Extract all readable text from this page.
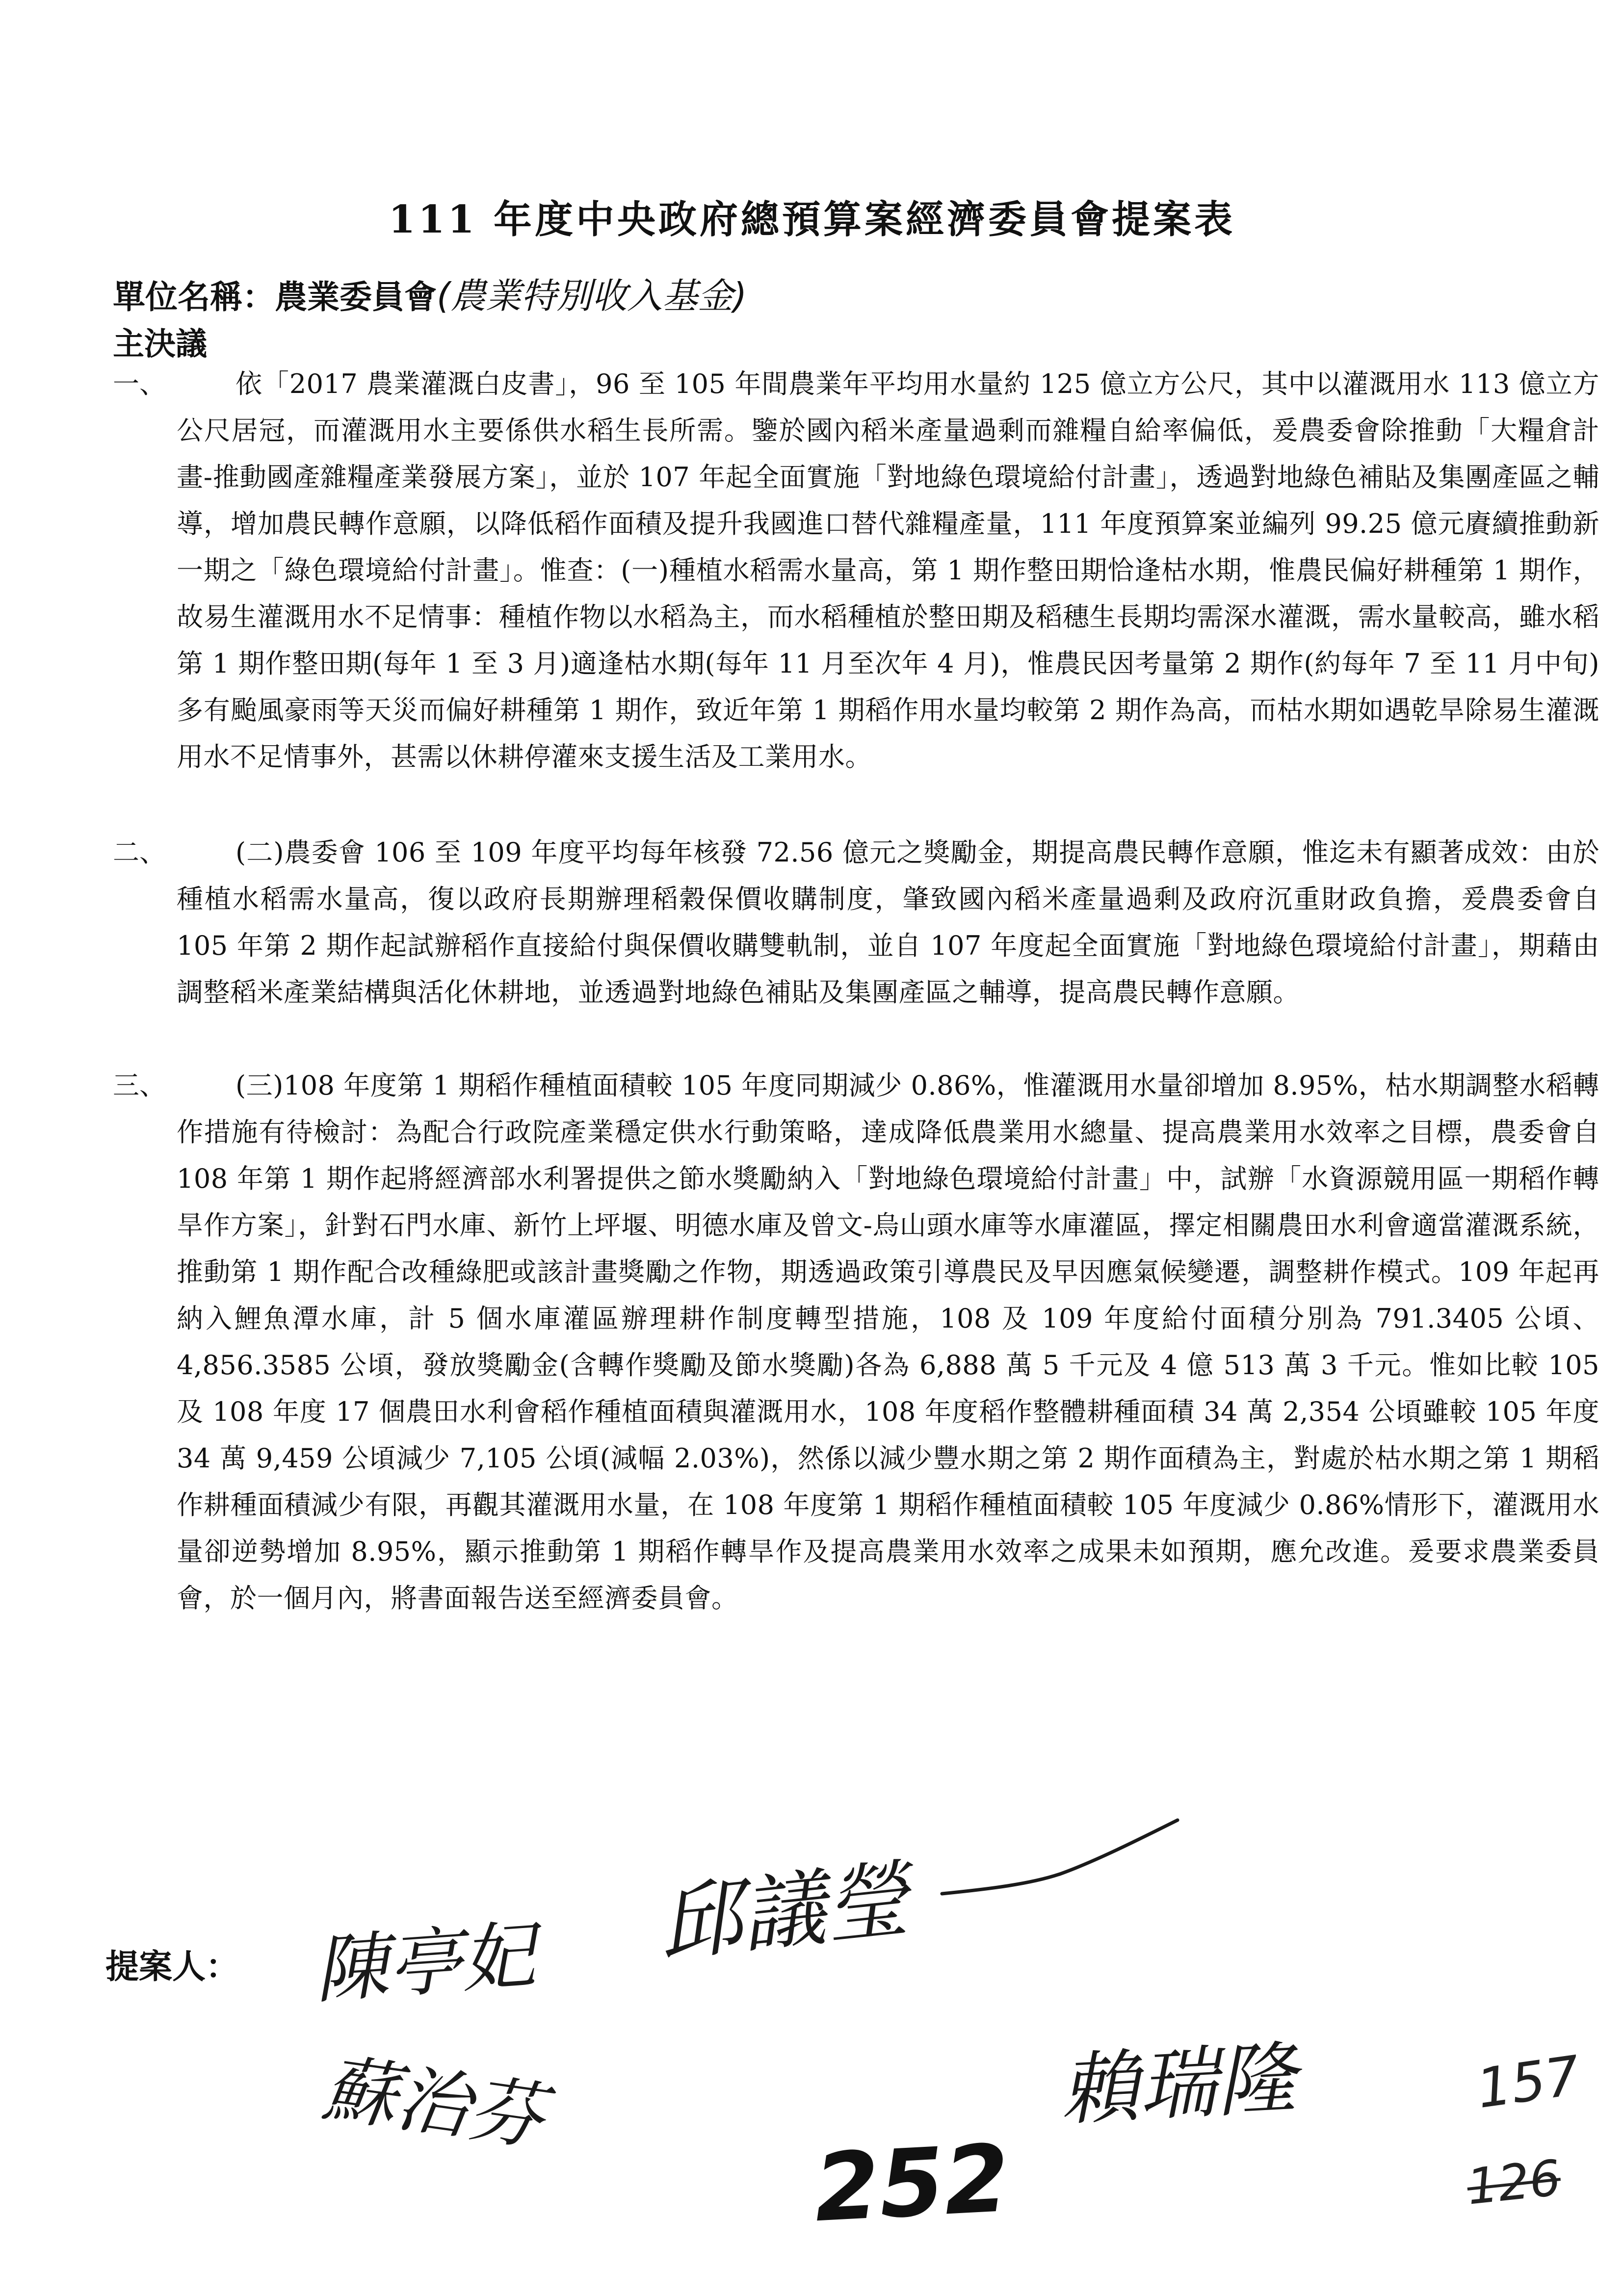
111 年度中央政府總預算案經濟委員會提案表
單位名稱：農業委員會(農業特別收入基金)
主決議
一、	依「2017 農業灌溉白皮書」，96 至 105 年間農業年平均用水量約 125 億立方公尺，其中以灌溉用水 113 億立方公尺居冠，而灌溉用水主要係供水稻生長所需。鑒於國內稻米產量過剩而雜糧自給率偏低，爰農委會除推動「大糧倉計畫-推動國產雜糧產業發展方案」，並於 107 年起全面實施「對地綠色環境給付計畫」，透過對地綠色補貼及集團產區之輔導，增加農民轉作意願，以降低稻作面積及提升我國進口替代雜糧產量，111 年度預算案並編列 99.25 億元賡續推動新一期之「綠色環境給付計畫」。惟查：(一)種植水稻需水量高，第 1 期作整田期恰逢枯水期，惟農民偏好耕種第 1 期作，故易生灌溉用水不足情事：種植作物以水稻為主，而水稻種植於整田期及稻穗生長期均需深水灌溉，需水量較高，雖水稻第 1 期作整田期(每年 1 至 3 月)適逢枯水期(每年 11 月至次年 4 月)，惟農民因考量第 2 期作(約每年 7 至 11 月中旬)多有颱風豪雨等天災而偏好耕種第 1 期作，致近年第 1 期稻作用水量均較第 2 期作為高，而枯水期如遇乾旱除易生灌溉用水不足情事外，甚需以休耕停灌來支援生活及工業用水。
二、	(二)農委會 106 至 109 年度平均每年核發 72.56 億元之獎勵金，期提高農民轉作意願，惟迄未有顯著成效：由於種植水稻需水量高，復以政府長期辦理稻穀保價收購制度，肇致國內稻米產量過剩及政府沉重財政負擔，爰農委會自 105 年第 2 期作起試辦稻作直接給付與保價收購雙軌制，並自 107 年度起全面實施「對地綠色環境給付計畫」，期藉由調整稻米產業結構與活化休耕地，並透過對地綠色補貼及集團產區之輔導，提高農民轉作意願。
三、	(三)108 年度第 1 期稻作種植面積較 105 年度同期減少 0.86%，惟灌溉用水量卻增加 8.95%，枯水期調整水稻轉作措施有待檢討：為配合行政院產業穩定供水行動策略，達成降低農業用水總量、提高農業用水效率之目標，農委會自 108 年第 1 期作起將經濟部水利署提供之節水獎勵納入「對地綠色環境給付計畫」中，試辦「水資源競用區一期稻作轉旱作方案」，針對石門水庫、新竹上坪堰、明德水庫及曾文-烏山頭水庫等水庫灌區，擇定相關農田水利會適當灌溉系統，推動第 1 期作配合改種綠肥或該計畫獎勵之作物，期透過政策引導農民及早因應氣候變遷，調整耕作模式。109 年起再納入鯉魚潭水庫，計 5 個水庫灌區辦理耕作制度轉型措施，108 及 109 年度給付面積分別為 791.3405 公頃、4,856.3585 公頃，發放獎勵金(含轉作獎勵及節水獎勵)各為 6,888 萬 5 千元及 4 億 513 萬 3 千元。惟如比較 105 及 108 年度 17 個農田水利會稻作種植面積與灌溉用水，108 年度稻作整體耕種面積 34 萬 2,354 公頃雖較 105 年度 34 萬 9,459 公頃減少 7,105 公頃(減幅 2.03%)，然係以減少豐水期之第 2 期作面積為主，對處於枯水期之第 1 期稻作耕種面積減少有限，再觀其灌溉用水量，在 108 年度第 1 期稻作種植面積較 105 年度減少 0.86%情形下，灌溉用水量卻逆勢增加 8.95%，顯示推動第 1 期稻作轉旱作及提高農業用水效率之成果未如預期，應允改進。爰要求農業委員會，於一個月內，將書面報告送至經濟委員會。
提案人： 陳亭妃 邱議瑩
蘇治芬	賴瑞隆
252
157
126
